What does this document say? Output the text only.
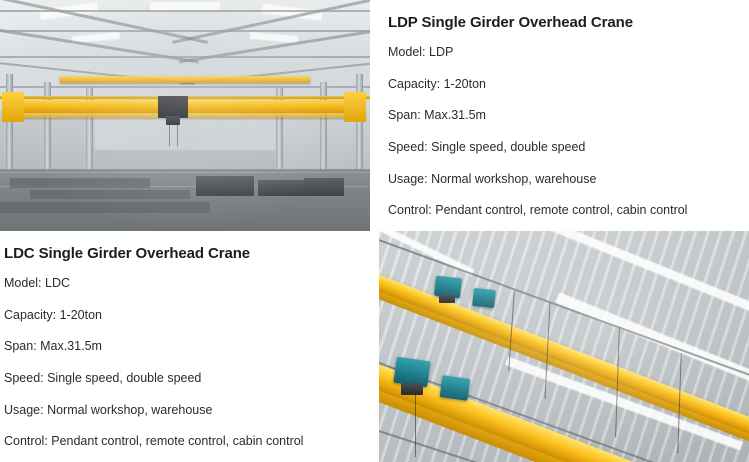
LDP Single Girder Overhead Crane

Model: LDP

Capacity: 1-20ton

Span: Max.31.5m

Speed: Single speed, double speed

Usage: Normal workshop, warehouse

Control: Pendant control, remote control, cabin control

LDC Single Girder Overhead Crane

Model: LDC

Capacity: 1-20ton

Span: Max.31.5m

Speed: Single speed, double speed

Usage: Normal workshop, warehouse

Control: Pendant control, remote control, cabin control
